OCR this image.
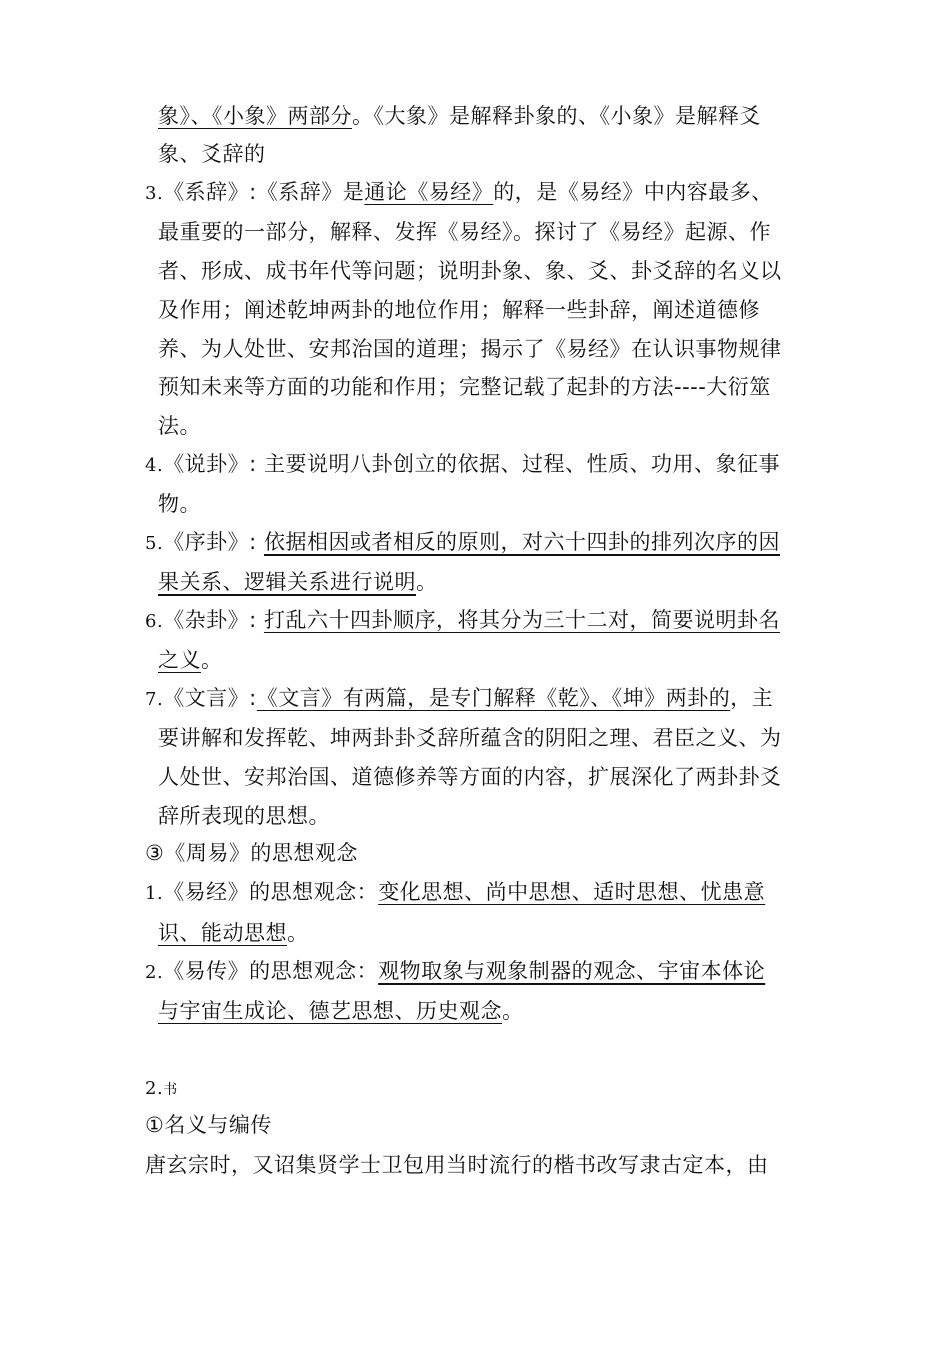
象》、《小象》两部分。《大象》是解释卦象的、《小象》是解释爻
象、爻辞的
3.《系辞》:《系辞》是通论《易经》的，是《易经》中内容最多、
最重要的一部分，解释、发挥《易经》。探讨了《易经》起源、作
者、形成、成书年代等问题；说明卦象、象、爻、卦爻辞的名义以
及作用；阐述乾坤两卦的地位作用；解释一些卦辞，阐述道德修
养、为人处世、安邦治国的道理；揭示了《易经》在认识事物规律
预知未来等方面的功能和作用；完整记载了起卦的方法----大衍筮
法。
4.《说卦》: 主要说明八卦创立的依据、过程、性质、功用、象征事
物。
5.《序卦》: 依据相因或者相反的原则，对六十四卦的排列次序的因
果关系、逻辑关系进行说明。
6.《杂卦》: 打乱六十四卦顺序，将其分为三十二对，简要说明卦名
之义。
7.《文言》:《文言》有两篇，是专门解释《乾》、《坤》两卦的，主
要讲解和发挥乾、坤两卦卦爻辞所蕴含的阴阳之理、君臣之义、为
人处世、安邦治国、道德修养等方面的内容，扩展深化了两卦卦爻
辞所表现的思想。
③《周易》的思想观念
1.《易经》的思想观念：变化思想、尚中思想、适时思想、忧患意
识、能动思想。
2.《易传》的思想观念：观物取象与观象制器的观念、宇宙本体论
与宇宙生成论、德艺思想、历史观念。
2.书
①名义与编传
唐玄宗时，又诏集贤学士卫包用当时流行的楷书改写隶古定本，由
